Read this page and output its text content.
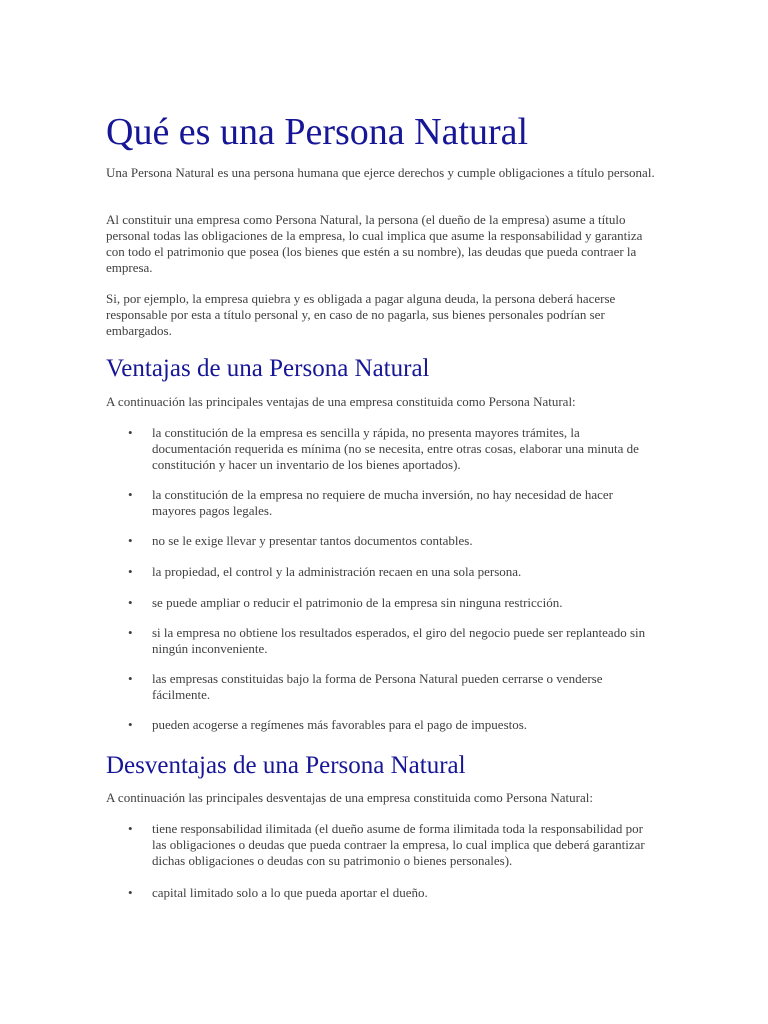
Qué es una Persona Natural

Una Persona Natural es una persona humana que ejerce derechos y cumple obligaciones a título personal.

Al constituir una empresa como Persona Natural, la persona (el dueño de la empresa) asume a título personal todas las obligaciones de la empresa, lo cual implica que asume la responsabilidad y garantiza con todo el patrimonio que posea (los bienes que estén a su nombre), las deudas que pueda contraer la empresa.

Si, por ejemplo, la empresa quiebra y es obligada a pagar alguna deuda, la persona deberá hacerse responsable por esta a título personal y, en caso de no pagarla, sus bienes personales podrían ser embargados.

Ventajas de una Persona Natural

A continuación las principales ventajas de una empresa constituida como Persona Natural:

• la constitución de la empresa es sencilla y rápida, no presenta mayores trámites, la documentación requerida es mínima (no se necesita, entre otras cosas, elaborar una minuta de constitución y hacer un inventario de los bienes aportados).
• la constitución de la empresa no requiere de mucha inversión, no hay necesidad de hacer mayores pagos legales.
• no se le exige llevar y presentar tantos documentos contables.
• la propiedad, el control y la administración recaen en una sola persona.
• se puede ampliar o reducir el patrimonio de la empresa sin ninguna restricción.
• si la empresa no obtiene los resultados esperados, el giro del negocio puede ser replanteado sin ningún inconveniente.
• las empresas constituidas bajo la forma de Persona Natural pueden cerrarse o venderse fácilmente.
• pueden acogerse a regímenes más favorables para el pago de impuestos.
Desventajas de una Persona Natural

A continuación las principales desventajas de una empresa constituida como Persona Natural:

• tiene responsabilidad ilimitada (el dueño asume de forma ilimitada toda la responsabilidad por las obligaciones o deudas que pueda contraer la empresa, lo cual implica que deberá garantizar dichas obligaciones o deudas con su patrimonio o bienes personales).
• capital limitado solo a lo que pueda aportar el dueño.
